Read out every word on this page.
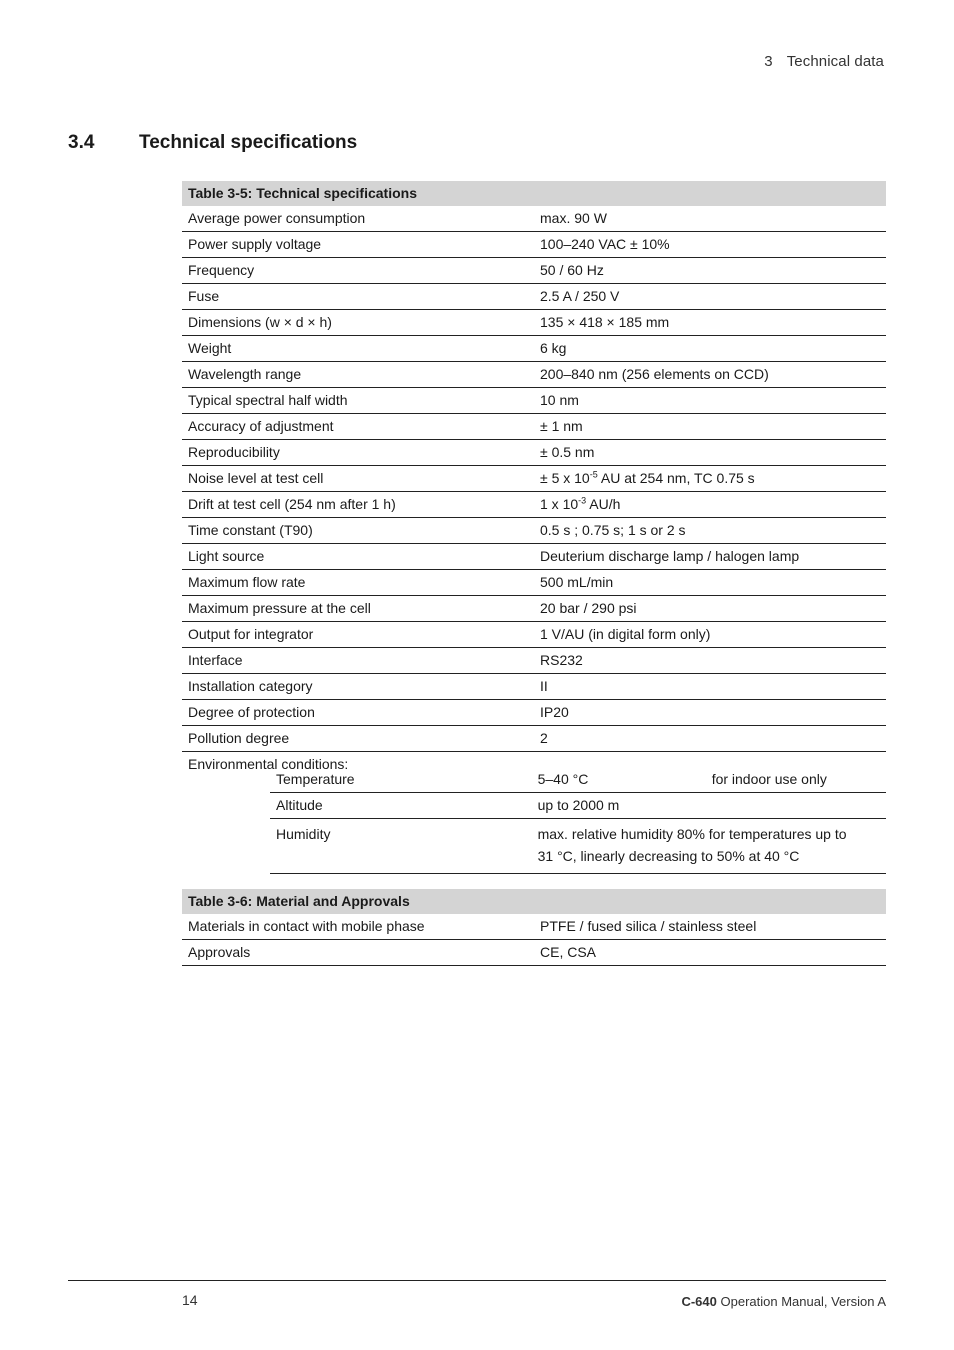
3 Technical data
3.4 Technical specifications
Table 3-5: Technical specifications
Average power consumption	max. 90 W
Power supply voltage	100–240 VAC ± 10%
Frequency	50 / 60 Hz
Fuse	2.5 A / 250 V
Dimensions (w × d × h)	135 × 418 × 185 mm
Weight	6 kg
Wavelength range	200–840 nm (256 elements on CCD)
Typical spectral half width	10 nm
Accuracy of adjustment	± 1 nm
Reproducibility	± 0.5 nm
Noise level at test cell	± 5 x $10^{-5}$ AU at 254 nm, TC 0.75 s
Drift at test cell (254 nm after 1 h)	1 x $10^{-3}$ AU/h
Time constant (T90)	0.5 s ; 0.75 s; 1 s or 2 s
Light source	Deuterium discharge lamp / halogen lamp
Maximum flow rate	500 mL/min
Maximum pressure at the cell	20 bar / 290 psi
Output for integrator	1 V/AU (in digital form only)
Interface	RS232
Installation category	II
Degree of protection	IP20
Pollution degree	2
Environmental conditions:	
Temperature	5–40 °C	for indoor use only
Altitude	up to 2000 m	
Humidity	max. relative humidity 80% for temperatures up to
31 °C, linearly decreasing to 50% at 40 °C	
Table 3-6: Material and Approvals
Materials in contact with mobile phase	PTFE / fused silica / stainless steel
Approvals	CE, CSA
14	C-640 Operation Manual, Version A
